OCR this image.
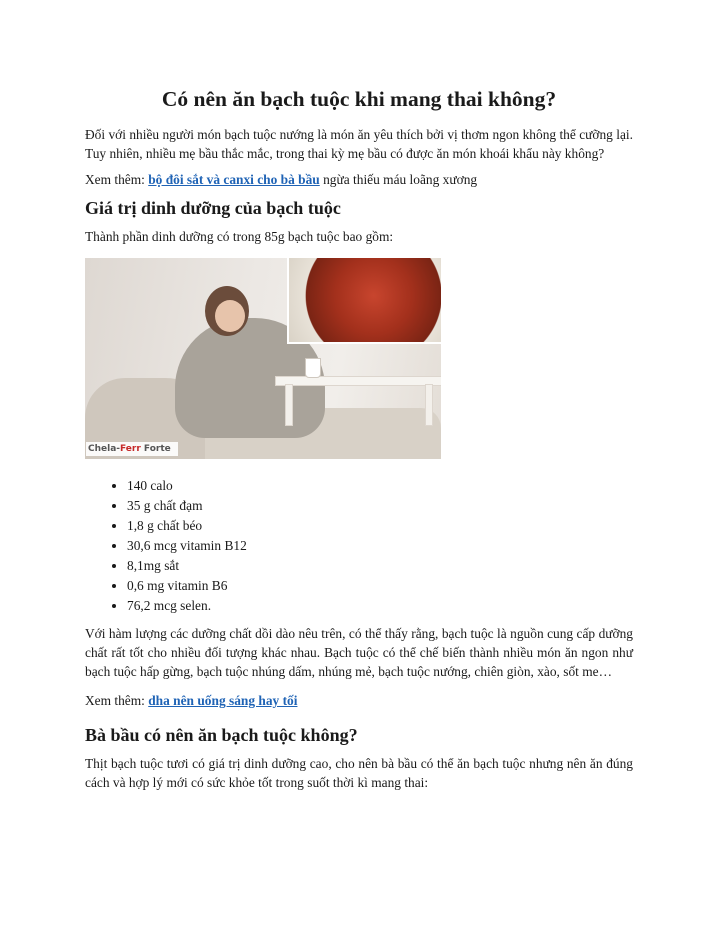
Có nên ăn bạch tuộc khi mang thai không?

Đối với nhiều người món bạch tuộc nướng là món ăn yêu thích bởi vị thơm ngon không thể cưỡng lại. Tuy nhiên, nhiều mẹ bầu thắc mắc, trong thai kỳ mẹ bầu có được ăn món khoái khẩu này không?

Xem thêm: bộ đôi sắt và canxi cho bà bầu ngừa thiếu máu loãng xương

Giá trị dinh dưỡng của bạch tuộc

Thành phần dinh dưỡng có trong 85g bạch tuộc bao gồm:

Chela-Ferr Forte
• 140 calo
• 35 g chất đạm
• 1,8 g chất béo
• 30,6 mcg vitamin B12
• 8,1mg sắt
• 0,6 mg vitamin B6
• 76,2 mcg selen.

Với hàm lượng các dưỡng chất dồi dào nêu trên, có thể thấy rằng, bạch tuộc là nguồn cung cấp dưỡng chất rất tốt cho nhiều đối tượng khác nhau. Bạch tuộc có thể chế biến thành nhiều món ăn ngon như bạch tuộc hấp gừng, bạch tuộc nhúng dấm, nhúng mẻ, bạch tuộc nướng, chiên giòn, xào, sốt me…

Xem thêm: dha nên uống sáng hay tối

Bà bầu có nên ăn bạch tuộc không?

Thịt bạch tuộc tươi có giá trị dinh dưỡng cao, cho nên bà bầu có thể ăn bạch tuộc nhưng nên ăn đúng cách và hợp lý mới có sức khỏe tốt trong suốt thời kì mang thai:
